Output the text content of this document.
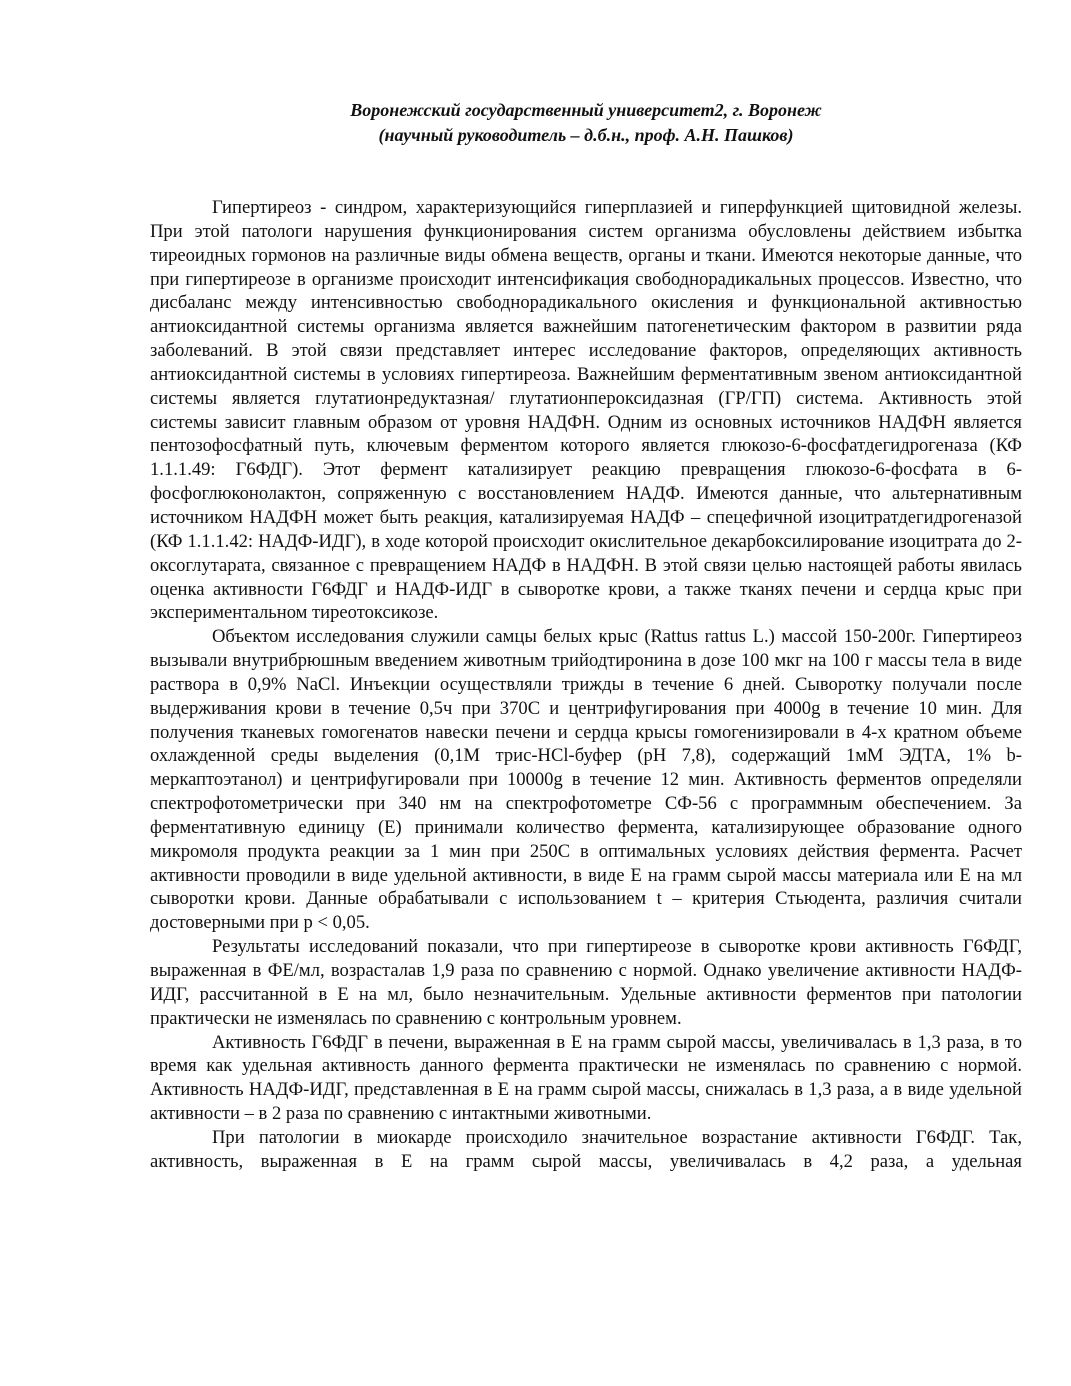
Воронежский государственный университет2, г. Воронеж

(научный руководитель – д.б.н., проф. А.Н. Пашков)

Гипертиреоз - синдром, характеризующийся гиперплазией и гиперфункцией щитовидной железы. При этой патологи нарушения функционирования систем организма обусловлены действием избытка тиреоидных гормонов на различные виды обмена веществ, органы и ткани. Имеются некоторые данные, что при гипертиреозе в организме происходит интенсификация свободнорадикальных процессов. Известно, что дисбаланс между интенсивностью свободнорадикального окисления и функциональной активностью антиоксидантной системы организма является важнейшим патогенетическим фактором в развитии ряда заболеваний. В этой связи представляет интерес исследование факторов, определяющих активность антиоксидантной системы в условиях гипертиреоза. Важнейшим ферментативным звеном антиоксидантной системы является глутатионредуктазная/ глутатионпероксидазная (ГР/ГП) система. Активность этой системы зависит главным образом от уровня НАДФН. Одним из основных источников НАДФН является пентозофосфатный путь, ключевым ферментом которого является глюкозо-6-фосфатдегидрогеназа (КФ 1.1.1.49: Г6ФДГ). Этот фермент катализирует реакцию превращения глюкозо-6-фосфата в 6-фосфоглюконолактон, сопряженную с восстановлением НАДФ. Имеются данные, что альтернативным источником НАДФН может быть реакция, катализируемая НАДФ – спецефичной изоцитратдегидрогеназой (КФ 1.1.1.42: НАДФ-ИДГ), в ходе которой происходит окислительное декарбоксилирование изоцитрата до 2-оксоглутарата, связанное с превращением НАДФ в НАДФН. В этой связи целью настоящей работы явилась оценка активности Г6ФДГ и НАДФ-ИДГ в сыворотке крови, а также тканях печени и сердца крыс при экспериментальном тиреотоксикозе.

Объектом исследования служили самцы белых крыс (Rattus rattus L.) массой 150-200г. Гипертиреоз вызывали внутрибрюшным введением животным трийодтиронина в дозе 100 мкг на 100 г массы тела в виде раствора в 0,9% NaCl. Инъекции осуществляли трижды в течение 6 дней. Сыворотку получали после выдерживания крови в течение 0,5ч при 370С и центрифугирования при 4000g в течение 10 мин. Для получения тканевых гомогенатов навески печени и сердца крысы гомогенизировали в 4-х кратном объеме охлажденной среды выделения (0,1М трис-HCl-буфер (рН 7,8), содержащий 1мМ ЭДТА, 1% b-меркаптоэтанол) и центрифугировали при 10000g в течение 12 мин. Активность ферментов определяли спектрофотометрически при 340 нм на спектрофотометре СФ-56 с программным обеспечением. За ферментативную единицу (Е) принимали количество фермента, катализирующее образование одного микромоля продукта реакции за 1 мин при 250С в оптимальных условиях действия фермента. Расчет активности проводили в виде удельной активности, в виде Е на грамм сырой массы материала или Е на мл сыворотки крови. Данные обрабатывали с использованием t – критерия Стьюдента, различия считали достоверными при p < 0,05.

Результаты исследований показали, что при гипертиреозе в сыворотке крови активность Г6ФДГ, выраженная в ФЕ/мл, возрасталав 1,9 раза по сравнению с нормой. Однако увеличение активности НАДФ-ИДГ, рассчитанной в Е на мл, было незначительным. Удельные активности ферментов при патологии практически не изменялась по сравнению с контрольным уровнем.

Активность Г6ФДГ в печени, выраженная в Е на грамм сырой массы, увеличивалась в 1,3 раза, в то время как удельная активность данного фермента практически не изменялась по сравнению с нормой. Активность НАДФ-ИДГ, представленная в Е на грамм сырой массы, снижалась в 1,3 раза, а в виде удельной активности – в 2 раза по сравнению с интактными животными.

При патологии в миокарде происходило значительное возрастание активности Г6ФДГ. Так, активность, выраженная в Е на грамм сырой массы, увеличивалась в 4,2 раза, а удельная
